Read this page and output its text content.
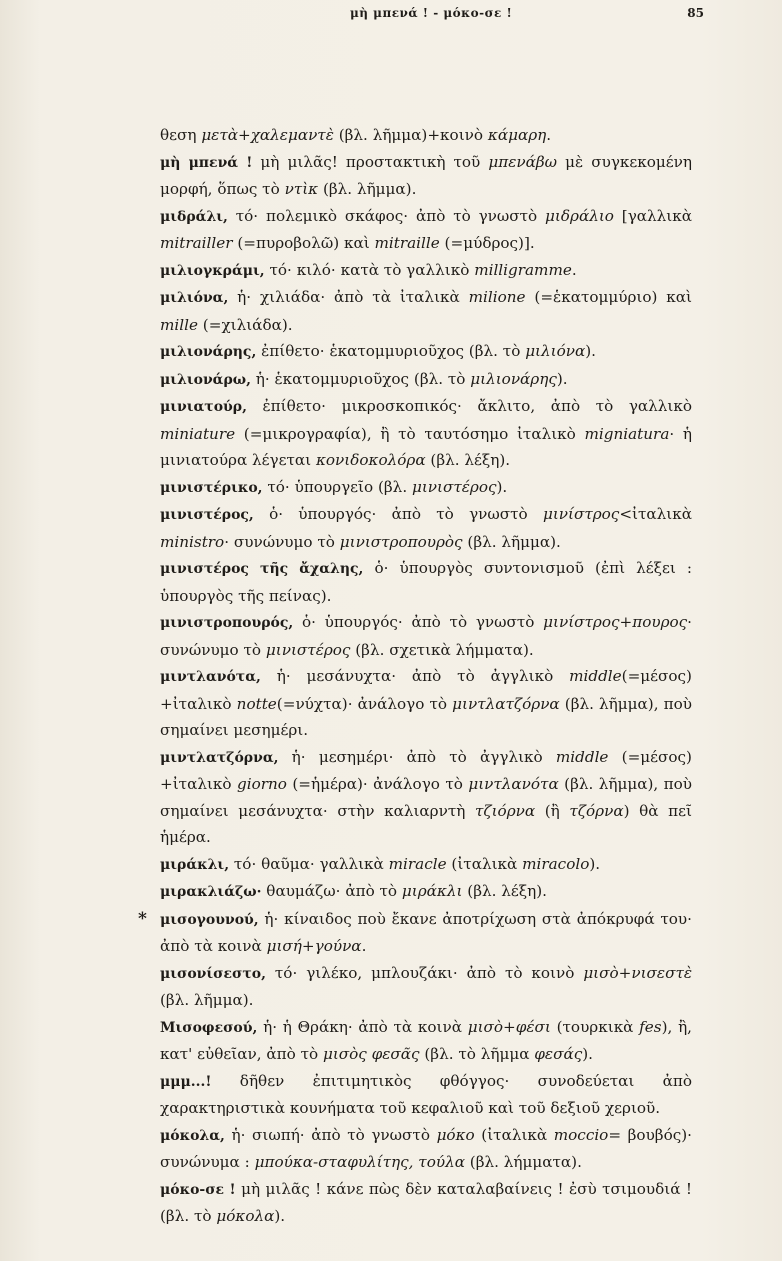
μὴ μπενά ! - μόκο-σε !	85

θεση μετὰ+χαλεμαντὲ (βλ. λῆμμα)+κοινὸ κάμαρη.

μὴ μπενά ! μὴ μιλᾶς! προστακτικὴ τοῦ μπενάβω μὲ συγκεκομένη μορφή, ὅπως τὸ ντὶκ (βλ. λῆμμα).

μιδράλι, τό· πολεμικὸ σκάφος· ἀπὸ τὸ γνωστὸ μιδράλιο [γαλλικὰ mitrailler (=πυροβολῶ) καὶ mitraille (=μύδρος)].

μιλιογκράμι, τό· κιλό· κατὰ τὸ γαλλικὸ milligramme.

μιλιόνα, ἡ· χιλιάδα· ἀπὸ τὰ ἰταλικὰ milione (=ἑκατομμύριο) καὶ mille (=χιλιάδα).

μιλιονάρης, ἐπίθετο· ἑκατομμυριοῦχος (βλ. τὸ μιλιόνα).

μιλιονάρω, ἡ· ἑκατομμυριοῦχος (βλ. τὸ μιλιονάρης).

μινιατούρ, ἐπίθετο· μικροσκοπικός· ἄκλιτο, ἀπὸ τὸ γαλλικὸ miniature (=μικρογραφία), ἢ τὸ ταυτόσημο ἰταλικὸ migniatura· ἡ μινιατούρα λέγεται κονιδοκολόρα (βλ. λέξη).

μινιστέρικο, τό· ὑπουργεῖο (βλ. μινιστέρος).

μινιστέρος, ὁ· ὑπουργός· ἀπὸ τὸ γνωστὸ μινίστρος<ἰταλικὰ ministro· συνώνυμο τὸ μινιστροπουρὸς (βλ. λῆμμα).

μινιστέρος τῆς ἄχαλης, ὁ· ὑπουργὸς συντονισμοῦ (ἐπὶ λέξει : ὑπουργὸς τῆς πείνας).

μινιστροπουρός, ὁ· ὑπουργός· ἀπὸ τὸ γνωστὸ μινίστρος+πουρος· συνώνυμο τὸ μινιστέρος (βλ. σχετικὰ λήμματα).

μιντλανότα, ἡ· μεσάνυχτα· ἀπὸ τὸ ἀγγλικὸ middle(=μέσος) +ἰταλικὸ notte(=νύχτα)· ἀνάλογο τὸ μιντλατζόρνα (βλ. λῆμμα), ποὺ σημαίνει μεσημέρι.

μιντλατζόρνα, ἡ· μεσημέρι· ἀπὸ τὸ ἀγγλικὸ middle (=μέσος) +ἰταλικὸ giorno (=ἡμέρα)· ἀνάλογο τὸ μιντλανότα (βλ. λῆμμα), ποὺ σημαίνει μεσάνυχτα· στὴν καλιαρντὴ τζιόρνα (ἢ τζόρνα) θὰ πεῖ ἡμέρα.

μιράκλι, τό· θαῦμα· γαλλικὰ miracle (ἰταλικὰ miracolo).

μιρακλιάζω· θαυμάζω· ἀπὸ τὸ μιράκλι (βλ. λέξη).

* μισογουνού, ἡ· κίναιδος ποὺ ἔκανε ἀποτρίχωση στὰ ἀπόκρυφά του· ἀπὸ τὰ κοινὰ μισή+γούνα.

μισονίσεστο, τό· γιλέκο, μπλουζάκι· ἀπὸ τὸ κοινὸ μισὸ+νισεστὲ (βλ. λῆμμα).

Μισοφεσού, ἡ· ἡ Θράκη· ἀπὸ τὰ κοινὰ μισὸ+φέσι (τουρκικὰ fes), ἢ, κατ' εὐθεῖαν, ἀπὸ τὸ μισὸς φεσᾶς (βλ. τὸ λῆμμα φεσάς).

μμμ...! δῆθεν ἐπιτιμητικὸς φθόγγος· συνοδεύεται ἀπὸ χαρακτηριστικὰ κουνήματα τοῦ κεφαλιοῦ καὶ τοῦ δεξιοῦ χεριοῦ.

μόκολα, ἡ· σιωπή· ἀπὸ τὸ γνωστὸ μόκο (ἰταλικὰ moccio= βουβός)· συνώνυμα : μπούκα-σταφυλίτης, τούλα (βλ. λήμματα).

μόκο-σε ! μὴ μιλᾶς ! κάνε πὼς δὲν καταλαβαίνεις ! ἐσὺ τσιμουδιά ! (βλ. τὸ μόκολα).
